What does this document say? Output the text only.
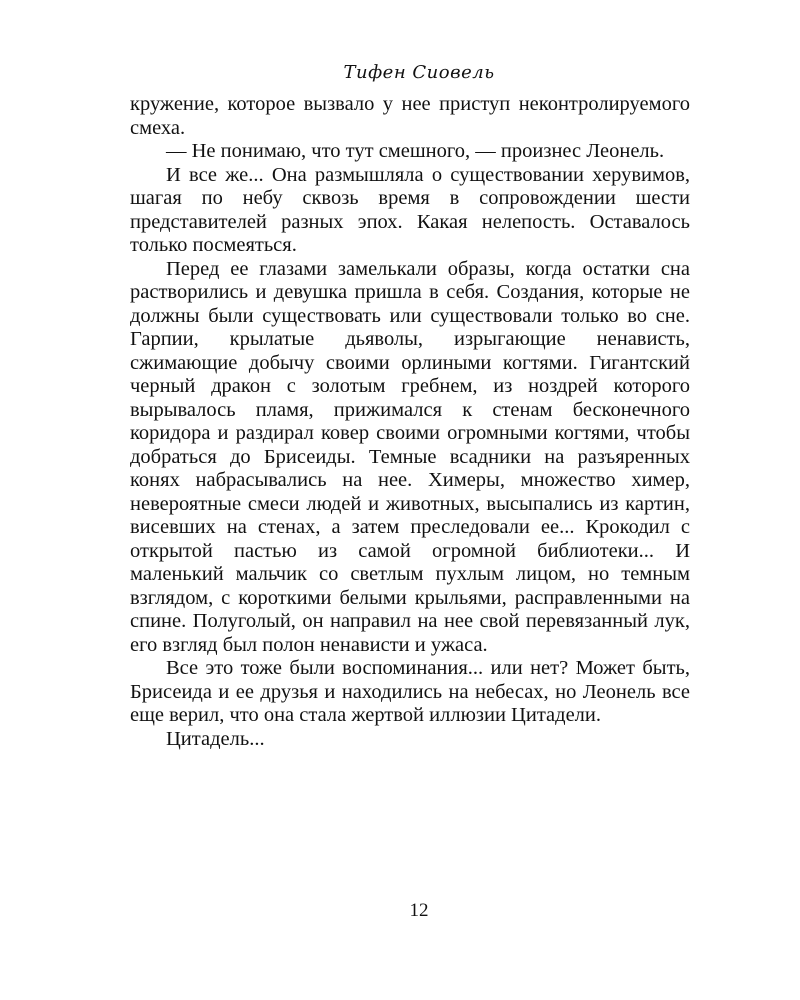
Тифен Сиовель

кружение, которое вызвало у нее приступ неконтролируемого смеха.

— Не понимаю, что тут смешного, — произнес Леонель.

И все же... Она размышляла о существовании херувимов, шагая по небу сквозь время в сопровождении шести представителей разных эпох. Какая нелепость. Оставалось только посмеяться.

Перед ее глазами замелькали образы, когда остатки сна растворились и девушка пришла в себя. Создания, которые не должны были существовать или существовали только во сне. Гарпии, крылатые дьяволы, изрыгающие ненависть, сжимающие добычу своими орлиными когтями. Гигантский черный дракон с золотым гребнем, из ноздрей которого вырывалось пламя, прижимался к стенам бесконечного коридора и раздирал ковер своими огромными когтями, чтобы добраться до Брисеиды. Темные всадники на разъяренных конях набрасывались на нее. Химеры, множество химер, невероятные смеси людей и животных, высыпались из картин, висевших на стенах, а затем преследовали ее... Крокодил с открытой пастью из самой огромной библиотеки... И маленький мальчик со светлым пухлым лицом, но темным взглядом, с короткими белыми крыльями, расправленными на спине. Полуголый, он направил на нее свой перевязанный лук, его взгляд был полон ненависти и ужаса.

Все это тоже были воспоминания... или нет? Может быть, Брисеида и ее друзья и находились на небесах, но Леонель все еще верил, что она стала жертвой иллюзии Цитадели.

Цитадель...

12
